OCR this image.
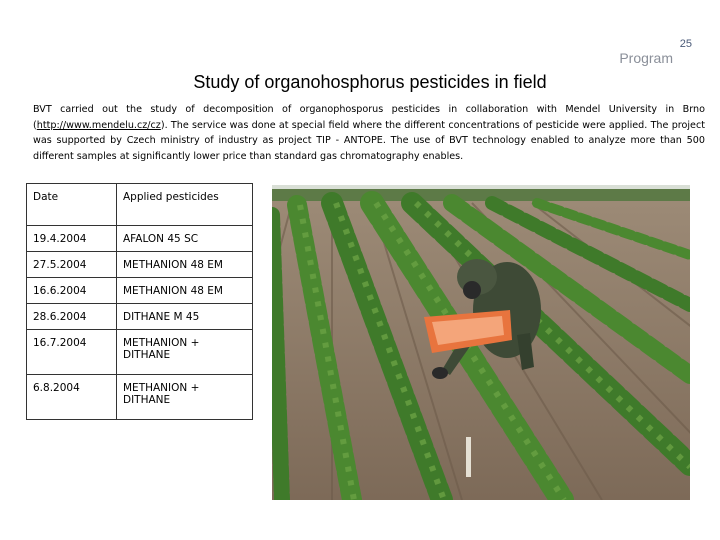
25
Program
Study of organohosphorus pesticides in field

BVT carried out the study of decomposition of organophosporus pesticides in collaboration with Mendel University in Brno (http://www.mendelu.cz/cz). The service was done at special field where the different concentrations of pesticide were applied. The project was supported by Czech ministry of industry as project TIP - ANTOPE. The use of BVT technology enabled to analyze more than 500 different samples at significantly lower price than standard gas chromatography enables.

Date	Applied pesticides
19.4.2004	AFALON 45 SC
27.5.2004	METHANION 48 EM
16.6.2004	METHANION 48 EM
28.6.2004	DITHANE M 45
16.7.2004	METHANION + DITHANE
6.8.2004	METHANION + DITHANE
